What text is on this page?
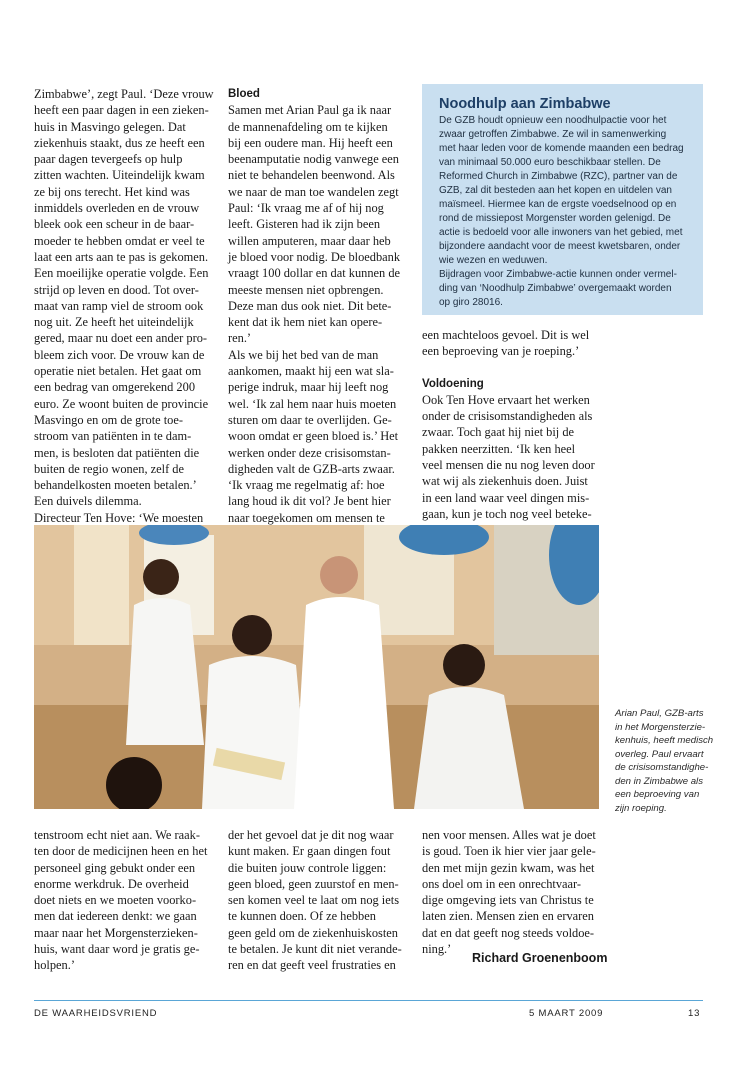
Zimbabwe’, zegt Paul. ‘Deze vrouw
heeft een paar dagen in een zieken-
huis in Masvingo gelegen. Dat
ziekenhuis staakt, dus ze heeft een
paar dagen tevergeefs op hulp
zitten wachten. Uiteindelijk kwam
ze bij ons terecht. Het kind was
inmiddels overleden en de vrouw
bleek ook een scheur in de baar-
moeder te hebben omdat er veel te
laat een arts aan te pas is gekomen.
Een moeilijke operatie volgde. Een
strijd op leven en dood. Tot over-
maat van ramp viel de stroom ook
nog uit. Ze heeft het uiteindelijk
gered, maar nu doet een ander pro-
bleem zich voor. De vrouw kan de
operatie niet betalen. Het gaat om
een bedrag van omgerekend 200
euro. Ze woont buiten de provincie
Masvingo en om de grote toe-
stroom van patiënten in te dam-
men, is besloten dat patiënten die
buiten de regio wonen, zelf de
behandelkosten moeten betalen.’
Een duivels dilemma.
Directeur Ten Hove: ‘We moesten

Bloed

Samen met Arian Paul ga ik naar
de mannenafdeling om te kijken
bij een oudere man. Hij heeft een
beenamputatie nodig vanwege een
niet te behandelen beenwond. Als
we naar de man toe wandelen zegt
Paul: ‘Ik vraag me af of hij nog
leeft. Gisteren had ik zijn been
willen amputeren, maar daar heb
je bloed voor nodig. De bloedbank
vraagt 100 dollar en dat kunnen de
meeste mensen niet opbrengen.
Deze man dus ook niet. Dit bete-
kent dat ik hem niet kan opere-
ren.’
Als we bij het bed van de man
aankomen, maakt hij een wat sla-
perige indruk, maar hij leeft nog
wel. ‘Ik zal hem naar huis moeten
sturen om daar te overlijden. Ge-
woon omdat er geen bloed is.’ Het
werken onder deze crisisomstan-
digheden valt de GZB-arts zwaar.
‘Ik vraag me regelmatig af: hoe
lang houd ik dit vol? Je bent hier
naar toegekomen om mensen te

Noodhulp aan Zimbabwe

De GZB houdt opnieuw een noodhulpactie voor het
zwaar getroffen Zimbabwe. Ze wil in samenwerking
met haar leden voor de komende maanden een bedrag
van minimaal 50.000 euro beschikbaar stellen. De
Reformed Church in Zimbabwe (RZC), partner van de
GZB, zal dit besteden aan het kopen en uitdelen van
maïsmeel. Hiermee kan de ergste voedselnood op en
rond de missiepost Morgenster worden gelenigd. De
actie is bedoeld voor alle inwoners van het gebied, met
bijzondere aandacht voor de meest kwetsbaren, onder
wie wezen en weduwen.
Bijdragen voor Zimbabwe-actie kunnen onder vermel-
ding van ‘Noodhulp Zimbabwe’ overgemaakt worden
op giro 28016.

een machteloos gevoel. Dit is wel
een beproeving van je roeping.’

Voldoening

Ook Ten Hove ervaart het werken
onder de crisisomstandigheden als
zwaar. Toch gaat hij niet bij de
pakken neerzitten. ‘Ik ken heel
veel mensen die nu nog leven door
wat wij als ziekenhuis doen. Juist
in een land waar veel dingen mis-
gaan, kun je toch nog veel beteke-

Arian Paul, GZB-arts
in het Morgensterzie-
kenhuis, heeft medisch
overleg. Paul ervaart
de crisisomstandighe-
den in Zimbabwe als
een beproeving van
zijn roeping.

tenstroom echt niet aan. We raak-
ten door de medicijnen heen en het
personeel ging gebukt onder een
enorme werkdruk. De overheid
doet niets en we moeten voorko-
men dat iedereen denkt: we gaan
maar naar het Morgensterzieken-
huis, want daar word je gratis ge-
holpen.’

der het gevoel dat je dit nog waar
kunt maken. Er gaan dingen fout
die buiten jouw controle liggen:
geen bloed, geen zuurstof en men-
sen komen veel te laat om nog iets
te kunnen doen. Of ze hebben
geen geld om de ziekenhuiskosten
te betalen. Je kunt dit niet verande-
ren en dat geeft veel frustraties en

nen voor mensen. Alles wat je doet
is goud. Toen ik hier vier jaar gele-
den met mijn gezin kwam, was het
ons doel om in een onrechtvaar-
dige omgeving iets van Christus te
laten zien. Mensen zien en ervaren
dat en dat geeft nog steeds voldoe-
ning.’

Richard Groenenboom
DE WAARHEIDSVRIEND	5 MAART 2009	13
